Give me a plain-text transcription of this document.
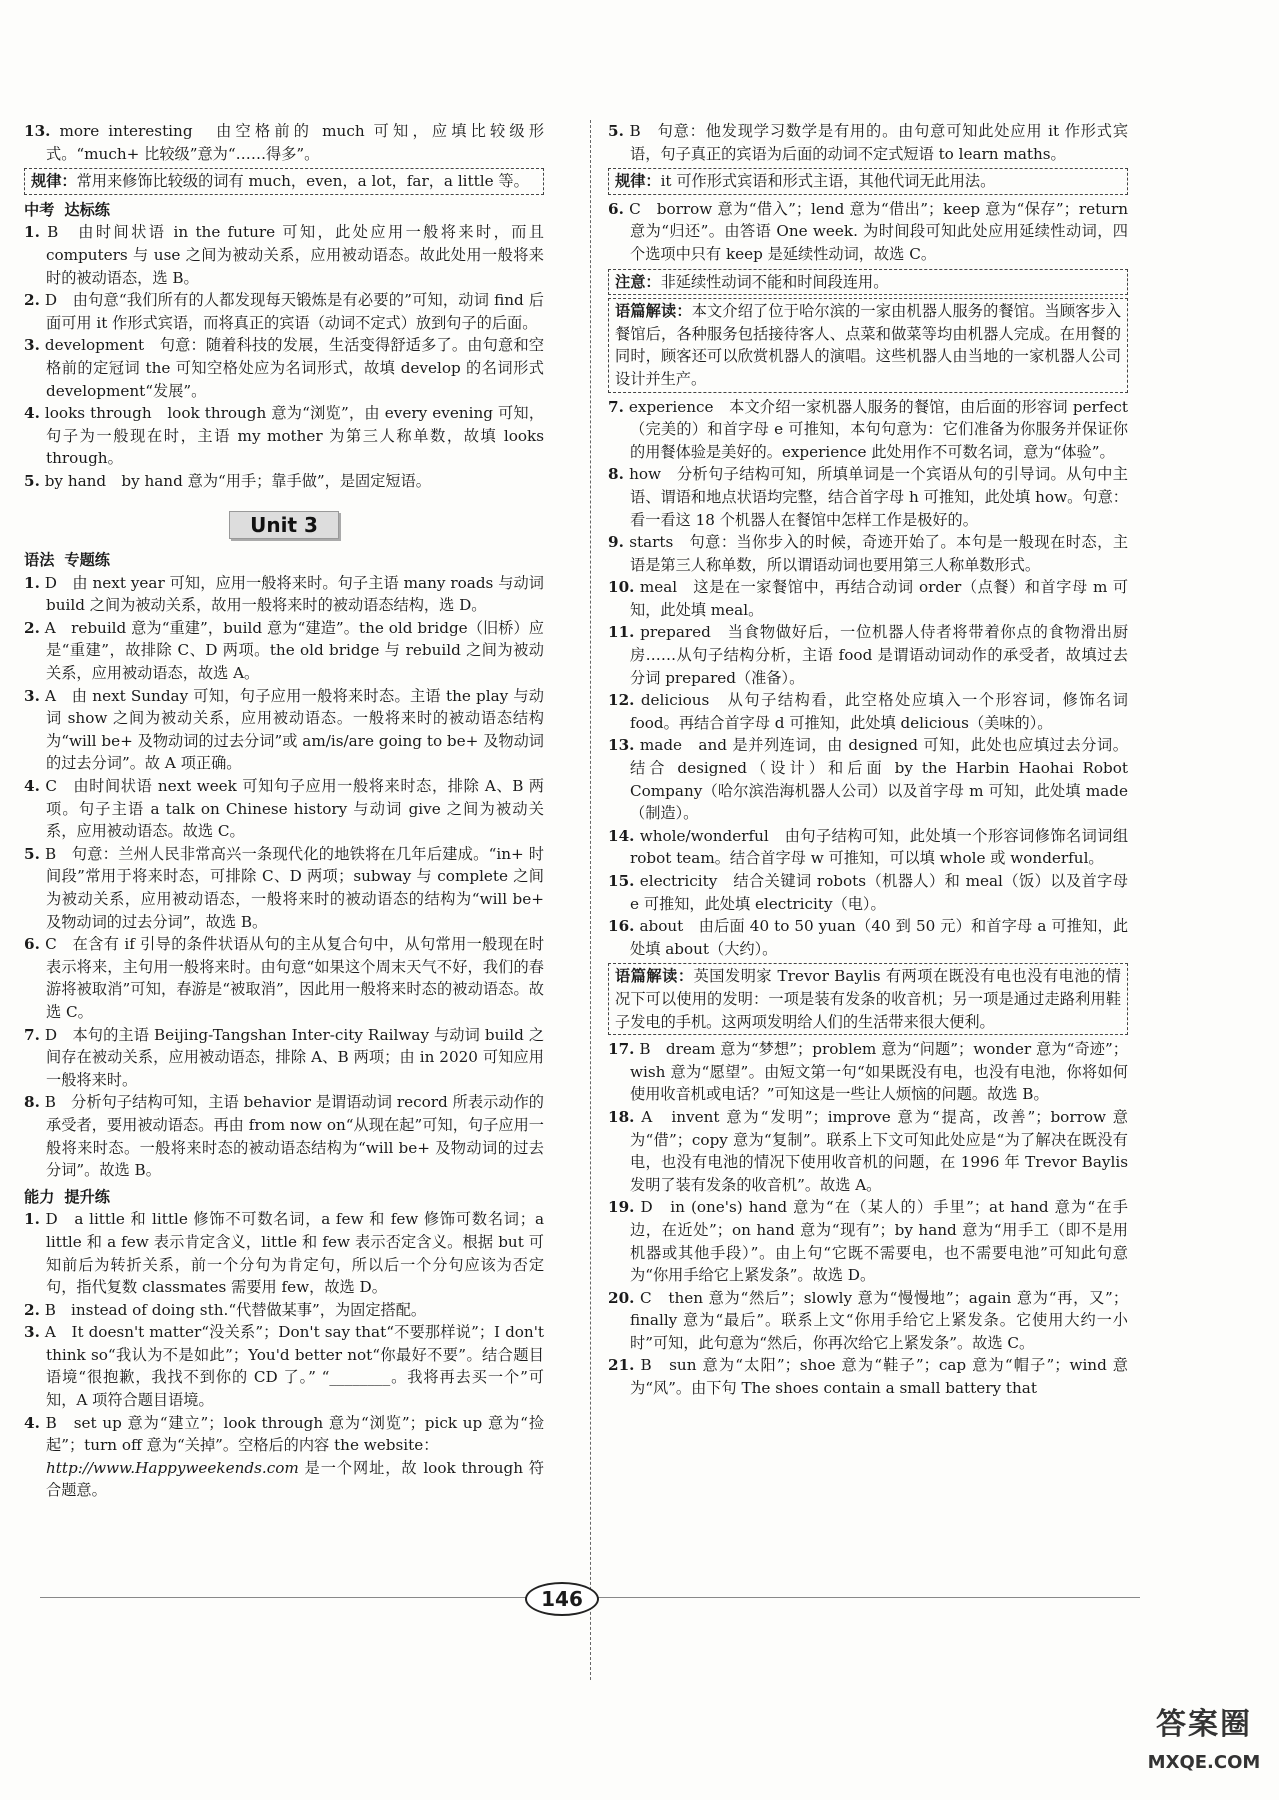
13. more interesting　由空格前的 much 可知，应填比较级形式。“much+ 比较级”意为“……得多”。

规律：常用来修饰比较级的词有 much，even，a lot，far，a little 等。
中考 达标练

1. B　由时间状语 in the future 可知，此处应用一般将来时，而且 computers 与 use 之间为被动关系，应用被动语态。故此处用一般将来时的被动语态，选 B。

2. D　由句意“我们所有的人都发现每天锻炼是有必要的”可知，动词 find 后面可用 it 作形式宾语，而将真正的宾语（动词不定式）放到句子的后面。

3. development　句意：随着科技的发展，生活变得舒适多了。由句意和空格前的定冠词 the 可知空格处应为名词形式，故填 develop 的名词形式 development“发展”。

4. looks through　look through 意为“浏览”，由 every evening 可知，句子为一般现在时，主语 my mother 为第三人称单数，故填 looks through。

5. by hand　by hand 意为“用手；靠手做”，是固定短语。

Unit 3
语法 专题练

1. D　由 next year 可知，应用一般将来时。句子主语 many roads 与动词 build 之间为被动关系，故用一般将来时的被动语态结构，选 D。

2. A　rebuild 意为“重建”，build 意为“建造”。the old bridge（旧桥）应是“重建”，故排除 C、D 两项。the old bridge 与 rebuild 之间为被动关系，应用被动语态，故选 A。

3. A　由 next Sunday 可知，句子应用一般将来时态。主语 the play 与动词 show 之间为被动关系，应用被动语态。一般将来时的被动语态结构为“will be+ 及物动词的过去分词”或 am/is/are going to be+ 及物动词的过去分词”。故 A 项正确。

4. C　由时间状语 next week 可知句子应用一般将来时态，排除 A、B 两项。句子主语 a talk on Chinese history 与动词 give 之间为被动关系，应用被动语态。故选 C。

5. B　句意：兰州人民非常高兴一条现代化的地铁将在几年后建成。“in+ 时间段”常用于将来时态，可排除 C、D 两项；subway 与 complete 之间为被动关系，应用被动语态，一般将来时的被动语态的结构为“will be+ 及物动词的过去分词”，故选 B。

6. C　在含有 if 引导的条件状语从句的主从复合句中，从句常用一般现在时表示将来，主句用一般将来时。由句意“如果这个周末天气不好，我们的春游将被取消”可知，春游是“被取消”，因此用一般将来时态的被动语态。故选 C。

7. D　本句的主语 Beijing-Tangshan Inter-city Railway 与动词 build 之间存在被动关系，应用被动语态，排除 A、B 两项；由 in 2020 可知应用一般将来时。

8. B　分析句子结构可知，主语 behavior 是谓语动词 record 所表示动作的承受者，要用被动语态。再由 from now on“从现在起”可知，句子应用一般将来时态。一般将来时态的被动语态结构为“will be+ 及物动词的过去分词”。故选 B。

能力 提升练

1. D　a little 和 little 修饰不可数名词，a few 和 few 修饰可数名词；a little 和 a few 表示肯定含义，little 和 few 表示否定含义。根据 but 可知前后为转折关系，前一个分句为肯定句，所以后一个分句应该为否定句，指代复数 classmates 需要用 few，故选 D。

2. B　instead of doing sth.“代替做某事”，为固定搭配。

3. A　It doesn't matter“没关系”；Don't say that“不要那样说”；I don't think so“我认为不是如此”；You'd better not“你最好不要”。结合题目语境“很抱歉，我找不到你的 CD 了。” “________。我将再去买一个”可知，A 项符合题目语境。

4. B　set up 意为“建立”；look through 意为“浏览”；pick up 意为“捡起”；turn off 意为“关掉”。空格后的内容 the website：

http://www.Happyweekends.com 是一个网址，故 look through 符合题意。

5. B　句意：他发现学习数学是有用的。由句意可知此处应用 it 作形式宾语，句子真正的宾语为后面的动词不定式短语 to learn maths。

规律：it 可作形式宾语和形式主语，其他代词无此用法。

6. C　borrow 意为“借入”；lend 意为“借出”；keep 意为“保存”；return 意为“归还”。由答语 One week. 为时间段可知此处应用延续性动词，四个选项中只有 keep 是延续性动词，故选 C。

注意：非延续性动词不能和时间段连用。
语篇解读：本文介绍了位于哈尔滨的一家由机器人服务的餐馆。当顾客步入餐馆后，各种服务包括接待客人、点菜和做菜等均由机器人完成。在用餐的同时，顾客还可以欣赏机器人的演唱。这些机器人由当地的一家机器人公司设计并生产。

7. experience　本文介绍一家机器人服务的餐馆，由后面的形容词 perfect（完美的）和首字母 e 可推知，本句句意为：它们准备为你服务并保证你的用餐体验是美好的。experience 此处用作不可数名词，意为“体验”。

8. how　分析句子结构可知，所填单词是一个宾语从句的引导词。从句中主语、谓语和地点状语均完整，结合首字母 h 可推知，此处填 how。句意：看一看这 18 个机器人在餐馆中怎样工作是极好的。

9. starts　句意：当你步入的时候，奇迹开始了。本句是一般现在时态，主语是第三人称单数，所以谓语动词也要用第三人称单数形式。

10. meal　这是在一家餐馆中，再结合动词 order（点餐）和首字母 m 可知，此处填 meal。

11. prepared　当食物做好后，一位机器人侍者将带着你点的食物滑出厨房……从句子结构分析，主语 food 是谓语动词动作的承受者，故填过去分词 prepared（准备）。

12. delicious　从句子结构看，此空格处应填入一个形容词，修饰名词 food。再结合首字母 d 可推知，此处填 delicious（美味的）。

13. made　and 是并列连词，由 designed 可知，此处也应填过去分词。结合 designed（设计）和后面 by the Harbin Haohai Robot Company（哈尔滨浩海机器人公司）以及首字母 m 可知，此处填 made（制造）。

14. whole/wonderful　由句子结构可知，此处填一个形容词修饰名词词组 robot team。结合首字母 w 可推知，可以填 whole 或 wonderful。

15. electricity　结合关键词 robots（机器人）和 meal（饭）以及首字母 e 可推知，此处填 electricity（电）。

16. about　由后面 40 to 50 yuan（40 到 50 元）和首字母 a 可推知，此处填 about（大约）。

语篇解读：英国发明家 Trevor Baylis 有两项在既没有电也没有电池的情况下可以使用的发明：一项是装有发条的收音机；另一项是通过走路利用鞋子发电的手机。这两项发明给人们的生活带来很大便利。

17. B　dream 意为“梦想”；problem 意为“问题”；wonder 意为“奇迹”；wish 意为“愿望”。由短文第一句“如果既没有电，也没有电池，你将如何使用收音机或电话？”可知这是一些让人烦恼的问题。故选 B。

18. A　invent 意为“发明”；improve 意为“提高，改善”；borrow 意为“借”；copy 意为“复制”。联系上下文可知此处应是“为了解决在既没有电，也没有电池的情况下使用收音机的问题，在 1996 年 Trevor Baylis 发明了装有发条的收音机”。故选 A。

19. D　in (one's) hand 意为“在（某人的）手里”；at hand 意为“在手边，在近处”；on hand 意为“现有”；by hand 意为“用手工（即不是用机器或其他手段）”。由上句“它既不需要电，也不需要电池”可知此句意为“你用手给它上紧发条”。故选 D。

20. C　then 意为“然后”；slowly 意为“慢慢地”；again 意为“再，又”；finally 意为“最后”。联系上文“你用手给它上紧发条。它使用大约一小时”可知，此句意为“然后，你再次给它上紧发条”。故选 C。

21. B　sun 意为“太阳”；shoe 意为“鞋子”；cap 意为“帽子”；wind 意为“风”。由下句 The shoes contain a small battery that

146
答案圈
MXQE.COM
